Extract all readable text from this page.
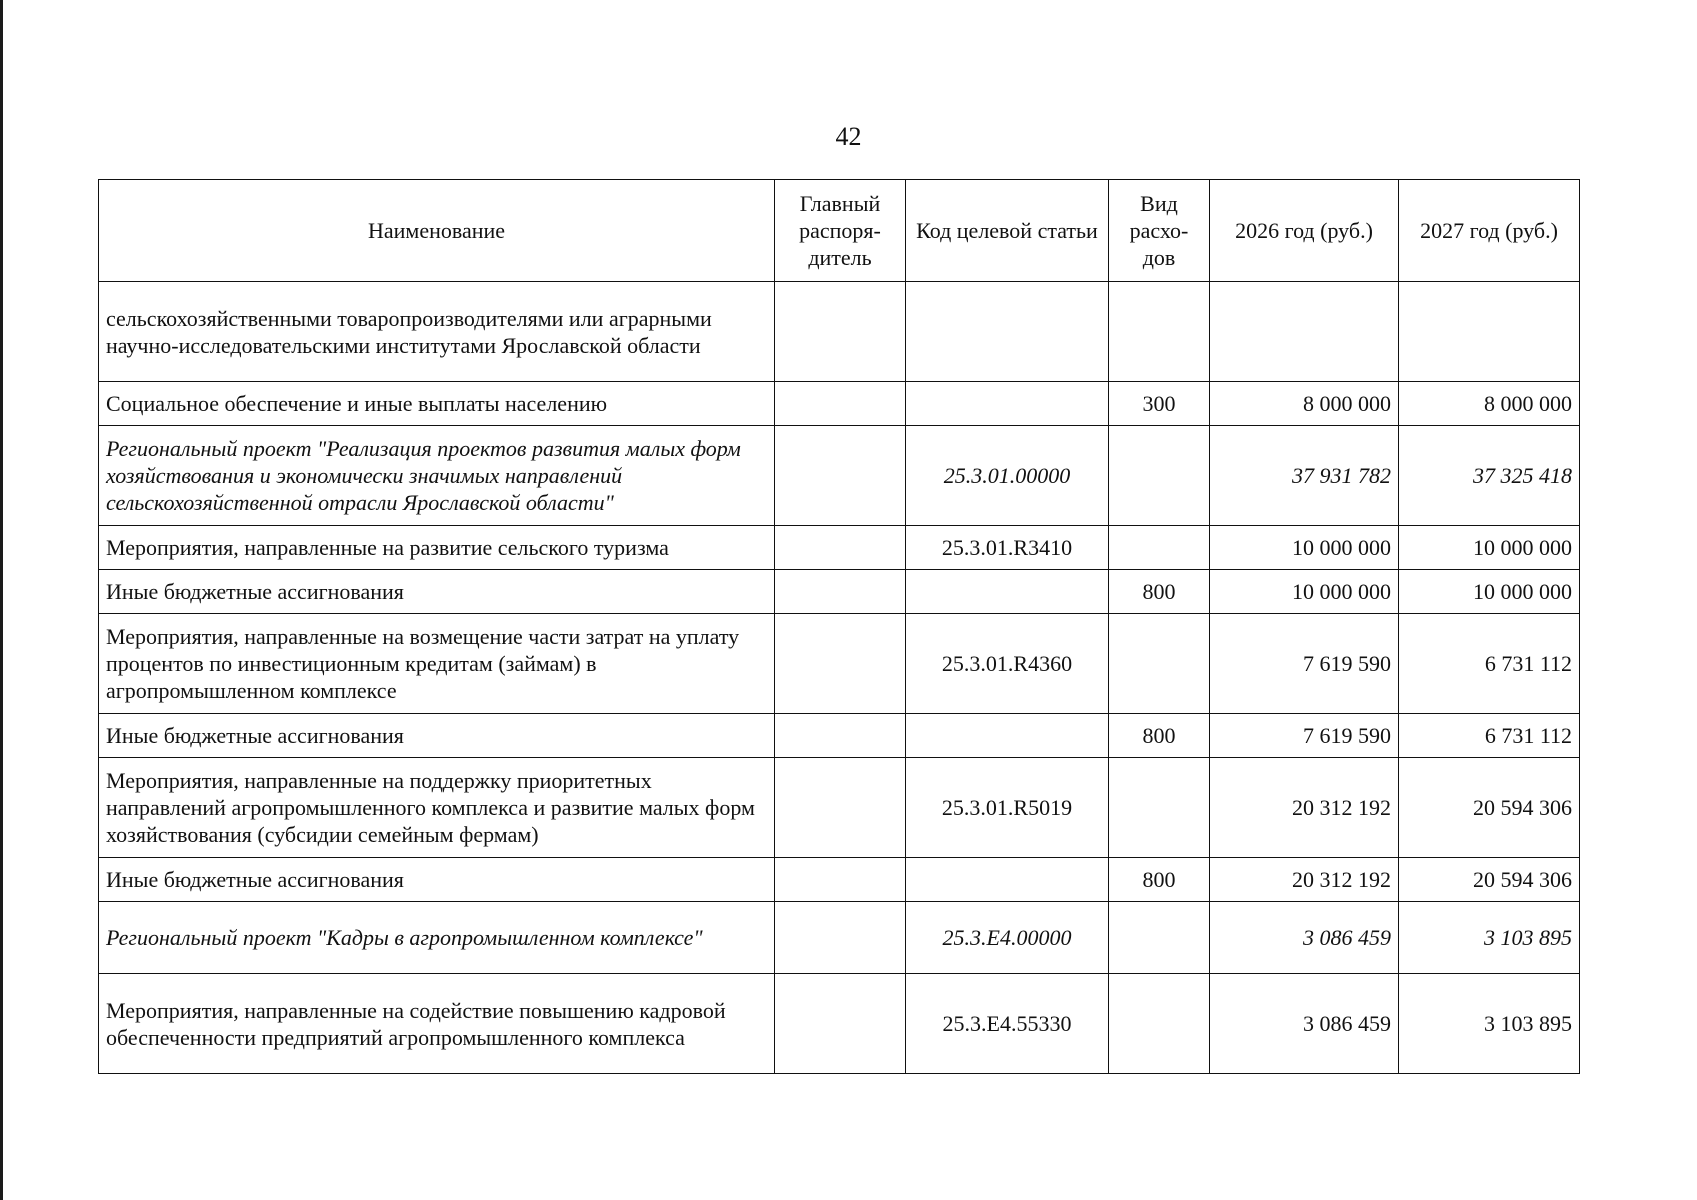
42
Наименование	Главный распоря-дитель	Код целевой статьи	Вид расхо-дов	2026 год (руб.)	2027 год (руб.)
сельскохозяйственными товаропроизводителями или аграрными научно-исследовательскими институтами Ярославской области					
Социальное обеспечение и иные выплаты населению			300	8 000 000	8 000 000
Региональный проект "Реализация проектов развития малых форм хозяйствования и экономически значимых направлений сельскохозяйственной отрасли Ярославской области"		25.3.01.00000		37 931 782	37 325 418
Мероприятия, направленные на развитие сельского туризма		25.3.01.R3410		10 000 000	10 000 000
Иные бюджетные ассигнования			800	10 000 000	10 000 000
Мероприятия, направленные на возмещение части затрат на уплату процентов по инвестиционным кредитам (займам) в агропромышленном комплексе		25.3.01.R4360		7 619 590	6 731 112
Иные бюджетные ассигнования			800	7 619 590	6 731 112
Мероприятия, направленные на поддержку приоритетных направлений агропромышленного комплекса и развитие малых форм хозяйствования (субсидии семейным фермам)		25.3.01.R5019		20 312 192	20 594 306
Иные бюджетные ассигнования			800	20 312 192	20 594 306
Региональный проект "Кадры в агропромышленном комплексе"		25.3.E4.00000		3 086 459	3 103 895
Мероприятия, направленные на содействие повышению кадровой обеспеченности предприятий агропромышленного комплекса		25.3.E4.55330		3 086 459	3 103 895
